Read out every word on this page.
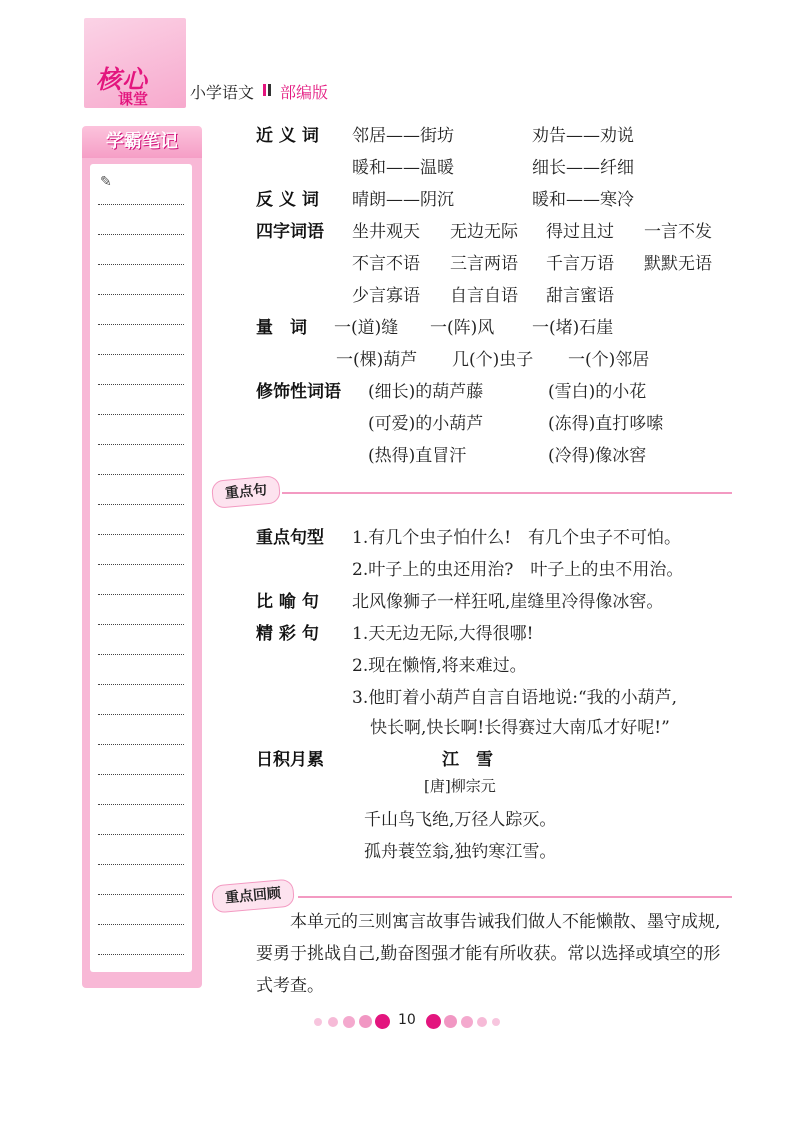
核心
课堂	小学语文 部编版
学霸笔记
✎
近 义 词 邻居——街坊	劝告——劝说
暖和——温暖	细长——纤细
反 义 词 晴朗——阴沉	暖和——寒冷
四字词语 坐井观天 无边无际 得过且过 一言不发
不言不语 三言两语 千言万语 默默无语
少言寡语 自言自语 甜言蜜语
量　词 一(道)缝 一(阵)风 一(堵)石崖
一(棵)葫芦 几(个)虫子 一(个)邻居
修饰性词语 (细长)的葫芦藤	(雪白)的小花
(可爱)的小葫芦	(冻得)直打哆嗦
(热得)直冒汗	(冷得)像冰窖
重点句
重点句型 1.有几个虫子怕什么!　有几个虫子不可怕。
2.叶子上的虫还用治?　叶子上的虫不用治。
比 喻 句 北风像狮子一样狂吼,崖缝里冷得像冰窖。
精 彩 句 1.天无边无际,大得很哪!
2.现在懒惰,将来难过。
3.他盯着小葫芦自言自语地说:“我的小葫芦,
快长啊,快长啊!长得赛过大南瓜才好呢!”
日积月累	江　雪
[唐]柳宗元
千山鸟飞绝,万径人踪灭。
孤舟蓑笠翁,独钓寒江雪。
重点回顾
本单元的三则寓言故事告诫我们做人不能懒散、墨守成规,要勇于挑战自己,勤奋图强才能有所收获。常以选择或填空的形式考查。
10
